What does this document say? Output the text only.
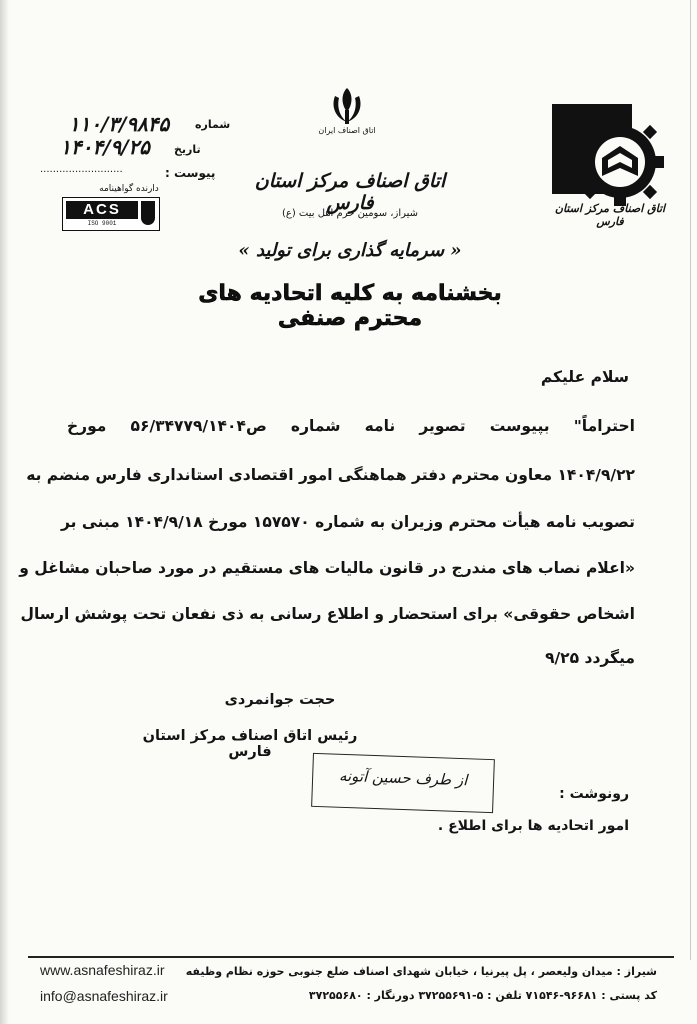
اتاق اصناف مرکز استان فارس
اتاق اصناف ایران
اتاق اصناف مرکز استان فارس
شیراز، سومین حرم اهل بیت (ع)
« سرمایه گذاری برای تولید »
بخشنامه به کلیه اتحادیه های محترم صنفی
شماره
۱۱۰/۳/۹۸۴۵
تاریخ
۱۴۰۴/۹/۲۵
پیوست :
..........................
دارنده گواهینامه
ACS
ISO 9001
سلام علیکم
احتراماً" بپیوست تصویر نامه شماره ص۵۶/۳۴۷۷۹/۱۴۰۴ مورخ
۱۴۰۴/۹/۲۲ معاون محترم دفتر هماهنگی امور اقتصادی استانداری فارس منضم به
تصویب نامه هیأت محترم وزیران به شماره ۱۵۷۵۷۰ مورخ ۱۴۰۴/۹/۱۸ مبنی بر
«اعلام نصاب های مندرج در قانون مالیات های مستقیم در مورد صاحبان مشاغل و
اشخاص حقوقی» برای استحضار و اطلاع رسانی به ذی نفعان تحت پوشش ارسال
میگردد ۹/۲۵
حجت جوانمردی
رئیس اتاق اصناف مرکز استان فارس
از طرف حسین آتونه
رونوشت :
امور اتحادیه ها برای اطلاع .
www.asnafeshiraz.ir
info@asnafeshiraz.ir
شیراز : میدان ولیعصر ، پل پیرنیا ، خیابان شهدای اصناف ضلع جنوبی حوزه نظام وظیفه
کد پستی : ۹۶۶۸۱-۷۱۵۴۶ تلفن : ۵-۳۷۲۵۵۶۹۱ دورنگار : ۳۷۲۵۵۶۸۰
